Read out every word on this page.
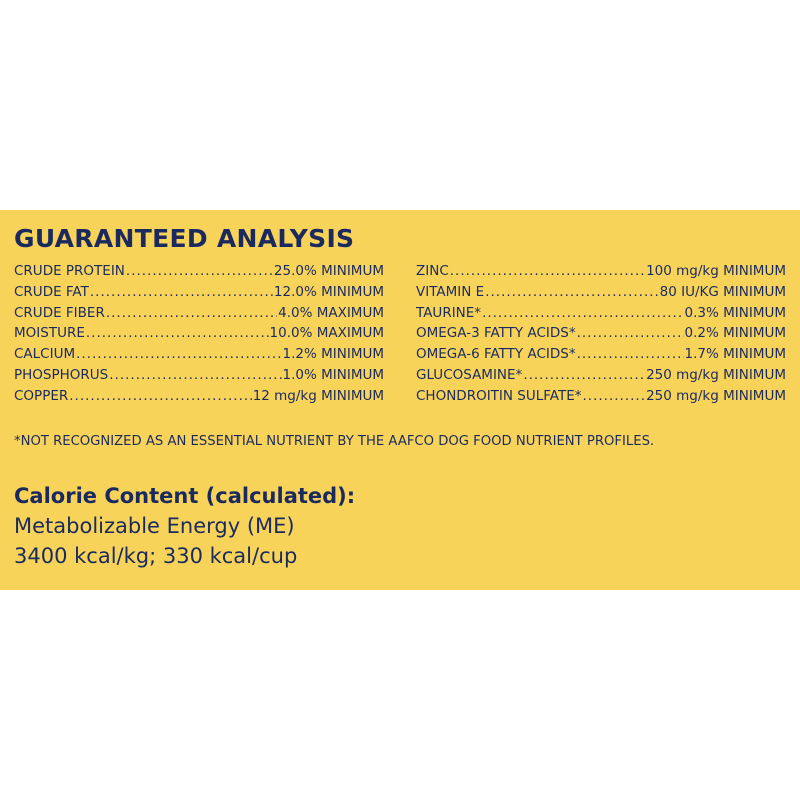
GUARANTEED ANALYSIS
CRUDE PROTEIN .....	25.0% MINIMUM
CRUDE FAT .....	12.0% MINIMUM
CRUDE FIBER .....	4.0% MAXIMUM
MOISTURE .....	10.0% MAXIMUM
CALCIUM .....	1.2% MINIMUM
PHOSPHORUS .....	1.0% MINIMUM
COPPER .....	12 mg/kg MINIMUM
ZINC .....	100 mg/kg MINIMUM
VITAMIN E .....	80 IU/KG MINIMUM
TAURINE* .....	0.3% MINIMUM
OMEGA-3 FATTY ACIDS* .....	0.2% MINIMUM
OMEGA-6 FATTY ACIDS* .....	1.7% MINIMUM
GLUCOSAMINE* .....	250 mg/kg MINIMUM
CHONDROITIN SULFATE* .....	250 mg/kg MINIMUM
*NOT RECOGNIZED AS AN ESSENTIAL NUTRIENT BY THE AAFCO DOG FOOD NUTRIENT PROFILES.
Calorie Content (calculated):
Metabolizable Energy (ME)
3400 kcal/kg; 330 kcal/cup
